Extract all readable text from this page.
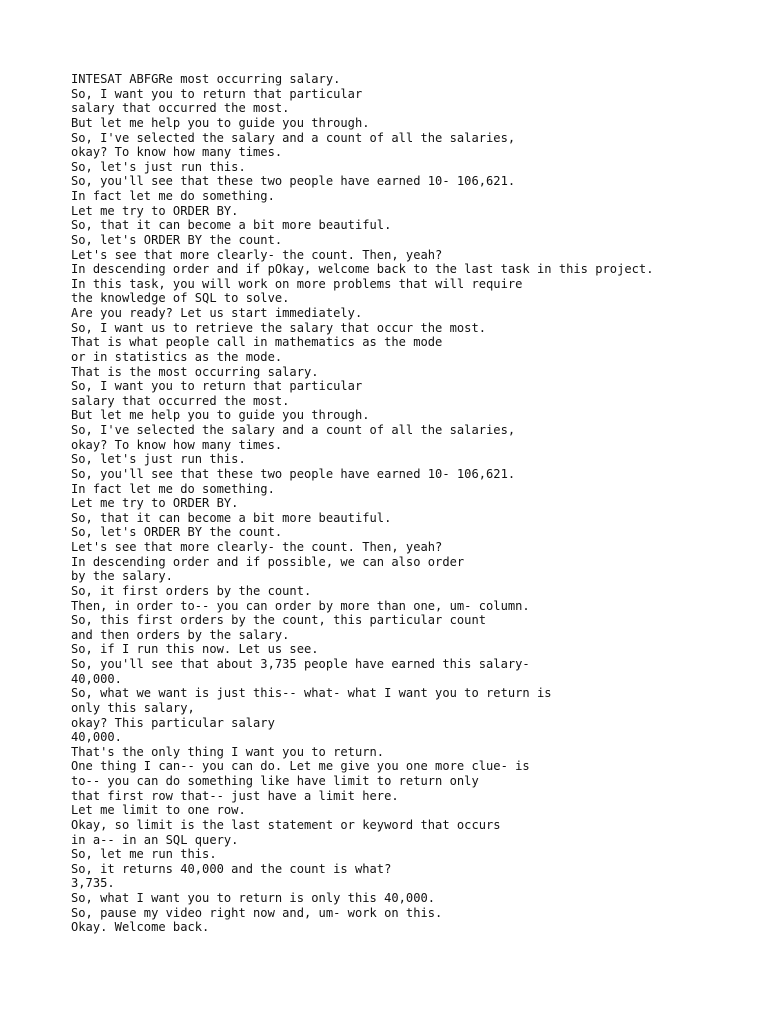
INTESAT ABFGRe most occurring salary.
So, I want you to return that particular
salary that occurred the most.
But let me help you to guide you through.
So, I've selected the salary and a count of all the salaries,
okay? To know how many times.
So, let's just run this.
So, you'll see that these two people have earned 10- 106,621.
In fact let me do something.
Let me try to ORDER BY.
So, that it can become a bit more beautiful.
So, let's ORDER BY the count.
Let's see that more clearly- the count. Then, yeah?
In descending order and if pOkay, welcome back to the last task in this project.
In this task, you will work on more problems that will require
the knowledge of SQL to solve.
Are you ready? Let us start immediately.
So, I want us to retrieve the salary that occur the most.
That is what people call in mathematics as the mode
or in statistics as the mode.
That is the most occurring salary.
So, I want you to return that particular
salary that occurred the most.
But let me help you to guide you through.
So, I've selected the salary and a count of all the salaries,
okay? To know how many times.
So, let's just run this.
So, you'll see that these two people have earned 10- 106,621.
In fact let me do something.
Let me try to ORDER BY.
So, that it can become a bit more beautiful.
So, let's ORDER BY the count.
Let's see that more clearly- the count. Then, yeah?
In descending order and if possible, we can also order
by the salary.
So, it first orders by the count.
Then, in order to-- you can order by more than one, um- column.
So, this first orders by the count, this particular count
and then orders by the salary.
So, if I run this now. Let us see.
So, you'll see that about 3,735 people have earned this salary-
40,000.
So, what we want is just this-- what- what I want you to return is
only this salary,
okay? This particular salary
40,000.
That's the only thing I want you to return.
One thing I can-- you can do. Let me give you one more clue- is
to-- you can do something like have limit to return only
that first row that-- just have a limit here.
Let me limit to one row.
Okay, so limit is the last statement or keyword that occurs
in a-- in an SQL query.
So, let me run this.
So, it returns 40,000 and the count is what?
3,735.
So, what I want you to return is only this 40,000.
So, pause my video right now and, um- work on this.
Okay. Welcome back.
